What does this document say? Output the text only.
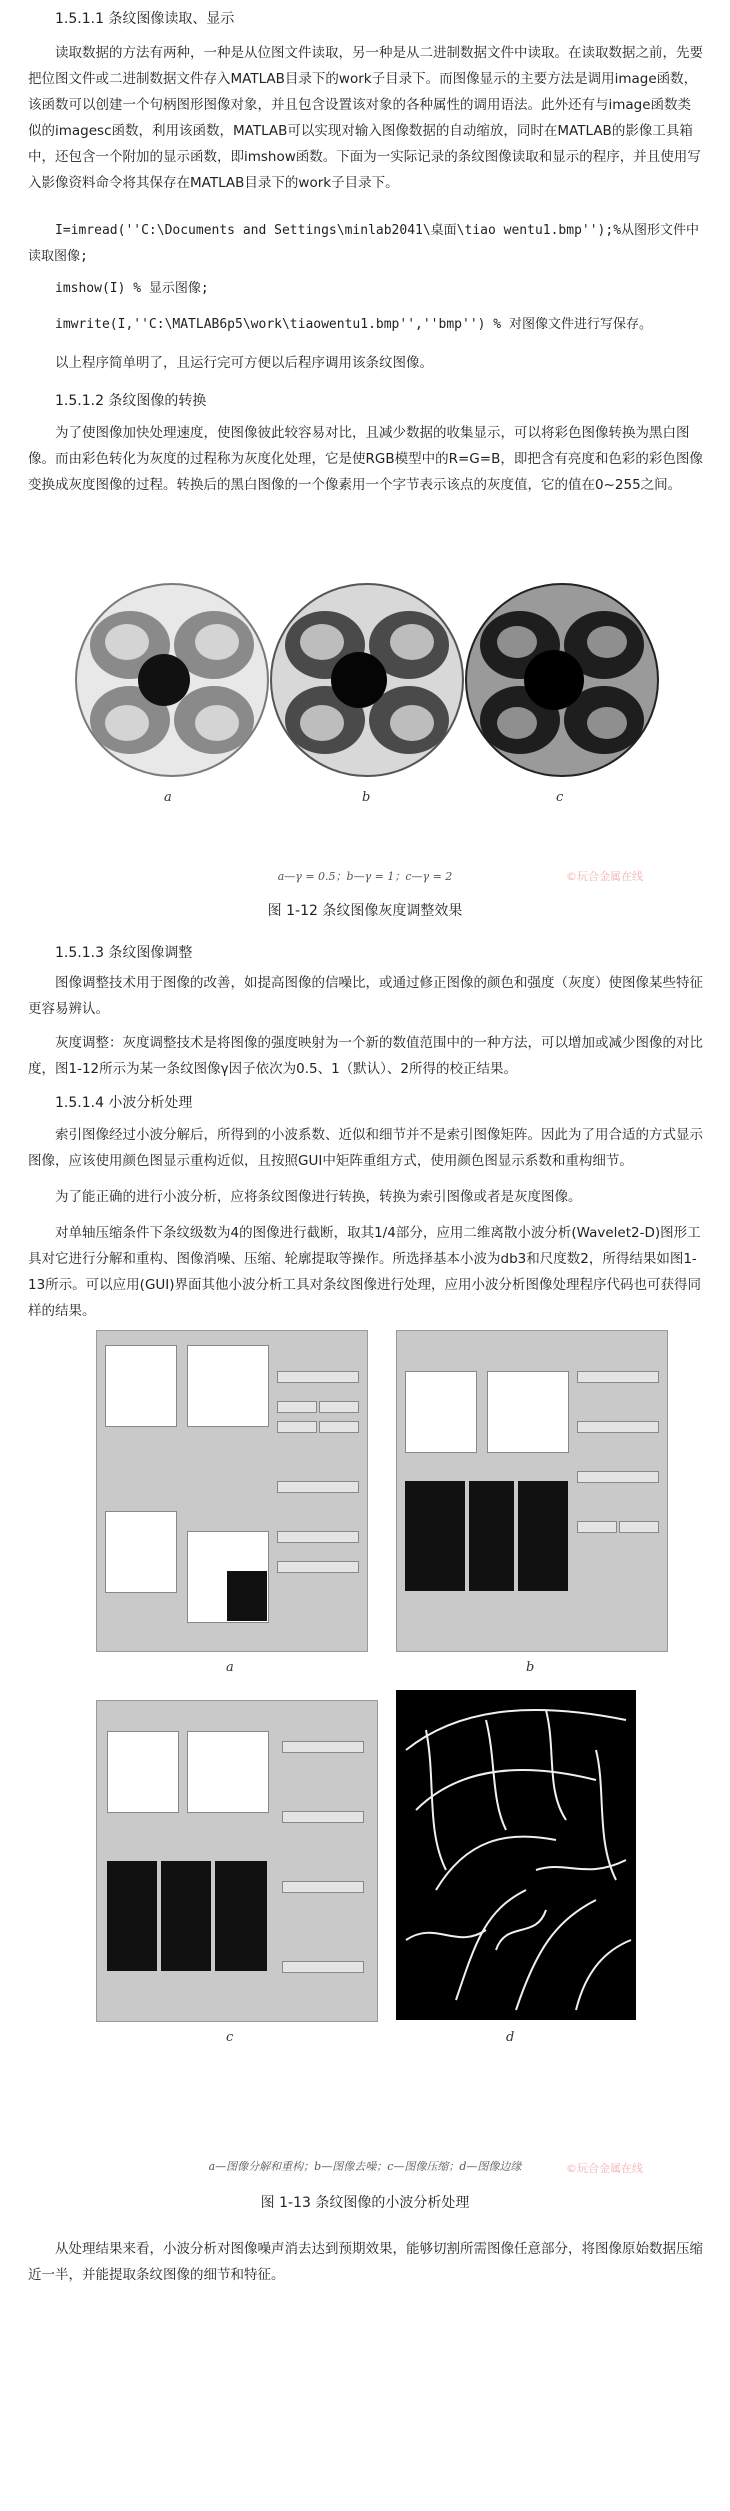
1.5.1.1 条纹图像读取、显示

读取数据的方法有两种，一种是从位图文件读取，另一种是从二进制数据文件中读取。在读取数据之前，先要把位图文件或二进制数据文件存入MATLAB目录下的work子目录下。而图像显示的主要方法是调用image函数，该函数可以创建一个句柄图形图像对象，并且包含设置该对象的各种属性的调用语法。此外还有与image函数类似的imagesc函数，利用该函数，MATLAB可以实现对输入图像数据的自动缩放，同时在MATLAB的影像工具箱中，还包含一个附加的显示函数，即imshow函数。下面为一实际记录的条纹图像读取和显示的程序，并且使用写入影像资料命令将其保存在MATLAB目录下的work子目录下。

I=imread(''C:\Documents and Settings\minlab2041\桌面\tiao wentu1.bmp'');%从图形文件中读取图像;

imshow(I) % 显示图像;

imwrite(I,''C:\MATLAB6p5\work\tiaowentu1.bmp'',''bmp'') % 对图像文件进行写保存。

以上程序简单明了，且运行完可方便以后程序调用该条纹图像。

1.5.1.2 条纹图像的转换

为了使图像加快处理速度，使图像彼此较容易对比，且减少数据的收集显示，可以将彩色图像转换为黑白图像。而由彩色转化为灰度的过程称为灰度化处理，它是使RGB模型中的R=G=B，即把含有亮度和色彩的彩色图像变换成灰度图像的过程。转换后的黑白图像的一个像素用一个字节表示该点的灰度值，它的值在0~255之间。

a	b	c
a—γ = 0.5；b—γ = 1；c—γ = 2	©玩合金属在线

图 1-12 条纹图像灰度调整效果

1.5.1.3 条纹图像调整

图像调整技术用于图像的改善，如提高图像的信噪比，或通过修正图像的颜色和强度（灰度）使图像某些特征更容易辨认。

灰度调整：灰度调整技术是将图像的强度映射为一个新的数值范围中的一种方法，可以增加或减少图像的对比度，图1-12所示为某一条纹图像γ因子依次为0.5、1（默认）、2所得的校正结果。

1.5.1.4 小波分析处理

索引图像经过小波分解后，所得到的小波系数、近似和细节并不是索引图像矩阵。因此为了用合适的方式显示图像，应该使用颜色图显示重构近似，且按照GUI中矩阵重组方式，使用颜色图显示系数和重构细节。

为了能正确的进行小波分析，应将条纹图像进行转换，转换为索引图像或者是灰度图像。

对单轴压缩条件下条纹级数为4的图像进行截断，取其1/4部分，应用二维离散小波分析(Wavelet2-D)图形工具对它进行分解和重构、图像消噪、压缩、轮廓提取等操作。所选择基本小波为db3和尺度数2，所得结果如图1-13所示。可以应用(GUI)界面其他小波分析工具对条纹图像进行处理，应用小波分析图像处理程序代码也可获得同样的结果。

a	b
c	d
a—图像分解和重构；b—图像去噪；c—图像压缩；d—图像边缘	©玩合金属在线

图 1-13 条纹图像的小波分析处理

从处理结果来看，小波分析对图像噪声消去达到预期效果，能够切割所需图像任意部分，将图像原始数据压缩近一半，并能提取条纹图像的细节和特征。
